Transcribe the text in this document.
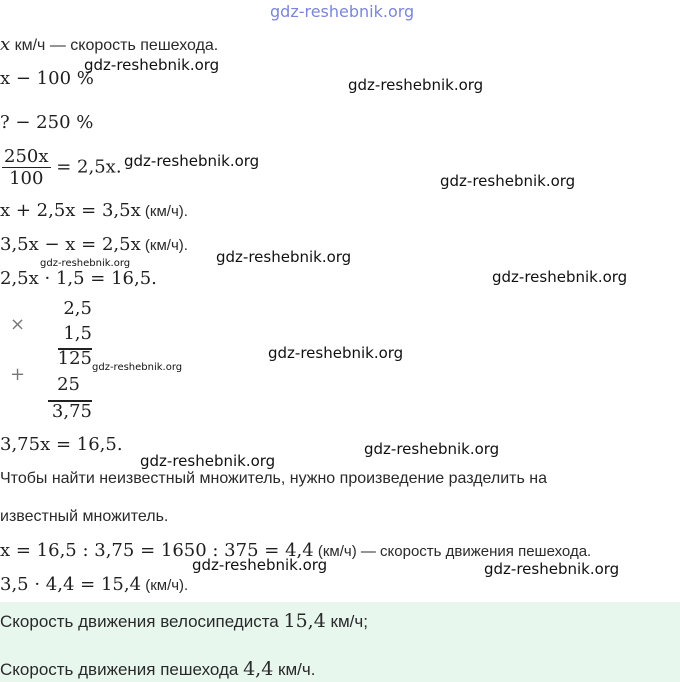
gdz-reshebnik.org
x км/ч — скорость пешехода.
x − 100 %
? − 250 %
$\frac{250x}{100} = 2,5x$.
x + 2,5x = 3,5x (км/ч).
3,5x − x = 2,5x (км/ч).
2,5x · 1,5 = 16,5.
×
2,5
1,5
125
+	25
3,75
3,75x = 16,5.
Чтобы найти неизвестный множитель, нужно произведение разделить на
известный множитель.
x = 16,5 : 3,75 = 1650 : 375 = 4,4 (км/ч) — скорость движения пешехода.
3,5 · 4,4 = 15,4 (км/ч).
Скорость движения велосипедиста 15,4 км/ч;
Скорость движения пешехода 4,4 км/ч.
gdz-reshebnik.org
gdz-reshebnik.org
gdz-reshebnik.org
gdz-reshebnik.org
gdz-reshebnik.org
gdz-reshebnik.org
gdz-reshebnik.org
gdz-reshebnik.org
gdz-reshebnik.org
gdz-reshebnik.org
gdz-reshebnik.org
gdz-reshebnik.org	gdz-reshebnik.org
